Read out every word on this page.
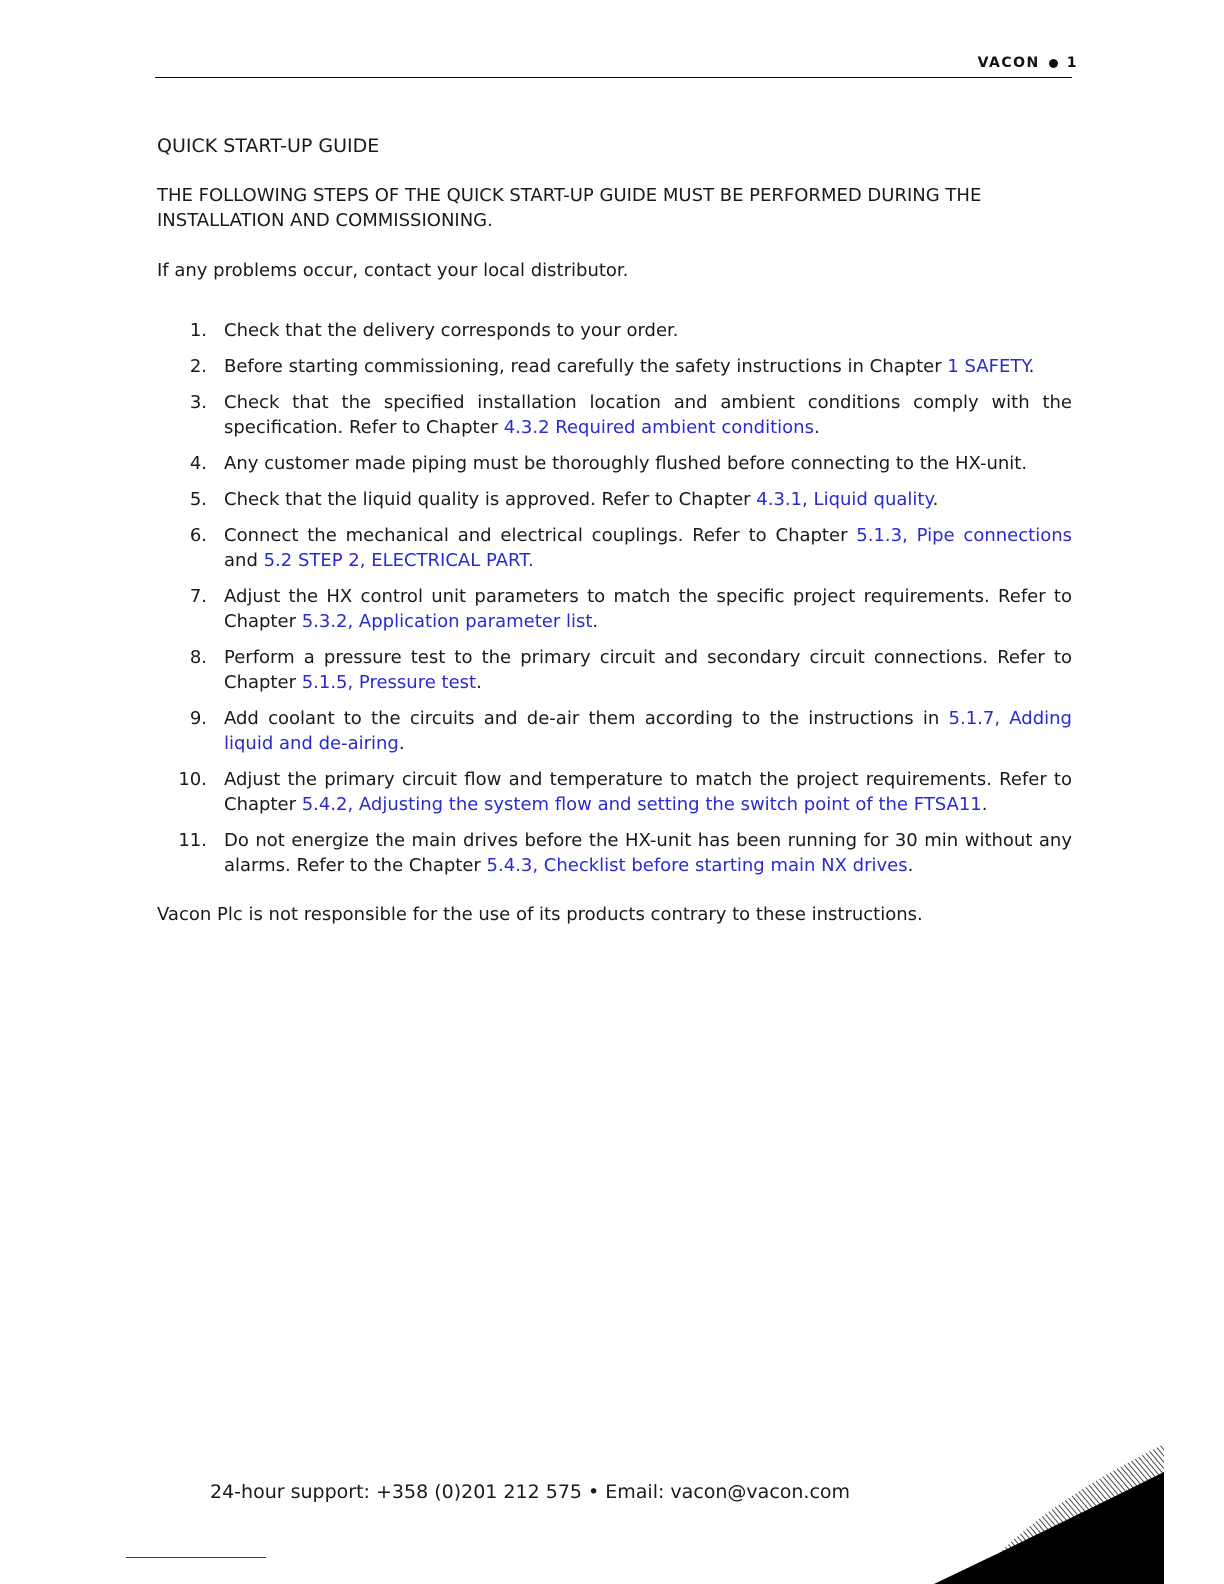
VACON 1
QUICK START-UP GUIDE

THE FOLLOWING STEPS OF THE QUICK START-UP GUIDE MUST BE PERFORMED DURING THE INSTALLATION AND COMMISSIONING.

If any problems occur, contact your local distributor.

1. Check that the delivery corresponds to your order.
2. Before starting commissioning, read carefully the safety instructions in Chapter 1 SAFETY.
3. Check that the specified installation location and ambient conditions comply with the specification. Refer to Chapter 4.3.2 Required ambient conditions.
4. Any customer made piping must be thoroughly flushed before connecting to the HX-unit.
5. Check that the liquid quality is approved. Refer to Chapter 4.3.1, Liquid quality.
6. Connect the mechanical and electrical couplings. Refer to Chapter 5.1.3, Pipe connections and 5.2 STEP 2, ELECTRICAL PART.
7. Adjust the HX control unit parameters to match the specific project requirements. Refer to Chapter 5.3.2, Application parameter list.
8. Perform a pressure test to the primary circuit and secondary circuit connections. Refer to Chapter 5.1.5, Pressure test.
9. Add coolant to the circuits and de-air them according to the instructions in 5.1.7, Adding liquid and de-airing.
10. Adjust the primary circuit flow and temperature to match the project requirements. Refer to Chapter 5.4.2, Adjusting the system flow and setting the switch point of the FTSA11.
11. Do not energize the main drives before the HX-unit has been running for 30 min without any alarms. Refer to the Chapter 5.4.3, Checklist before starting main NX drives.

Vacon Plc is not responsible for the use of its products contrary to these instructions.

24-hour support: +358 (0)201 212 575 • Email: vacon@vacon.com
